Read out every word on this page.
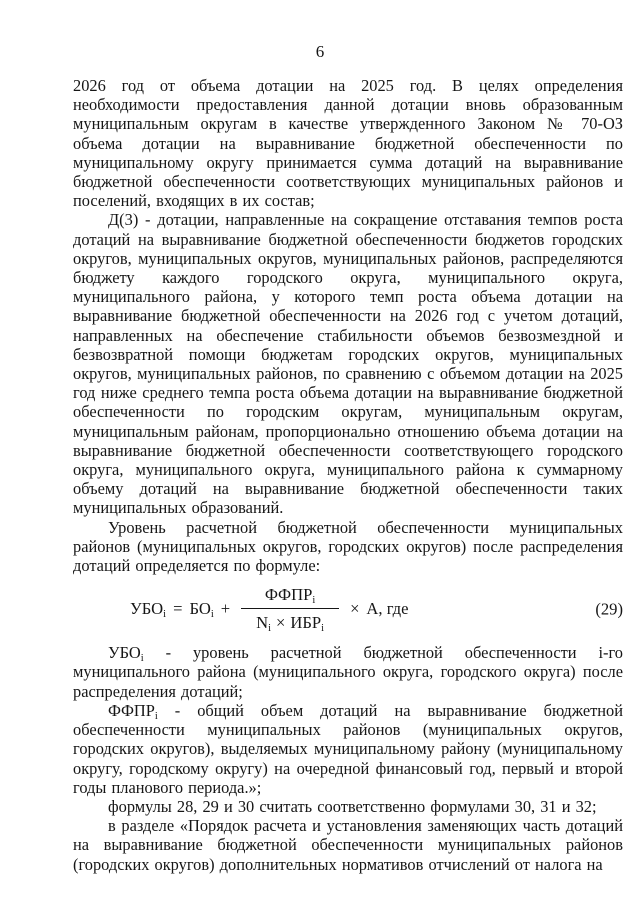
6

2026 год от объема дотации на 2025 год. В целях определения необходимости предоставления данной дотации вновь образованным муниципальным округам в качестве утвержденного Законом № 70-ОЗ объема дотации на выравнивание бюджетной обеспеченности по муниципальному округу принимается сумма дотаций на выравнивание бюджетной обеспеченности соответствующих муниципальных районов и поселений, входящих в их состав;

Д(3) - дотации, направленные на сокращение отставания темпов роста дотаций на выравнивание бюджетной обеспеченности бюджетов городских округов, муниципальных округов, муниципальных районов, распределяются бюджету каждого городского округа, муниципального округа, муниципального района, у которого темп роста объема дотации на выравнивание бюджетной обеспеченности на 2026 год с учетом дотаций, направленных на обеспечение стабильности объемов безвозмездной и безвозвратной помощи бюджетам городских округов, муниципальных округов, муниципальных районов, по сравнению с объемом дотации на 2025 год ниже среднего темпа роста объема дотации на выравнивание бюджетной обеспеченности по городским округам, муниципальным округам, муниципальным районам, пропорционально отношению объема дотации на выравнивание бюджетной обеспеченности соответствующего городского округа, муниципального округа, муниципального района к суммарному объему дотаций на выравнивание бюджетной обеспеченности таких муниципальных образований.

Уровень расчетной бюджетной обеспеченности муниципальных районов (муниципальных округов, городских округов) после распределения дотаций определяется по формуле:

$УБО_i = БО_i + \frac{ФФПР_i}{N_i \times ИБР_i} \times А$, где	(29)

$УБО_i$ - уровень расчетной бюджетной обеспеченности i-го муниципального района (муниципального округа, городского округа) после распределения дотаций;

$ФФПР_i$ - общий объем дотаций на выравнивание бюджетной обеспеченности муниципальных районов (муниципальных округов, городских округов), выделяемых муниципальному району (муниципальному округу, городскому округу) на очередной финансовый год, первый и второй годы планового периода.»;

формулы 28, 29 и 30 считать соответственно формулами 30, 31 и 32;

в разделе «Порядок расчета и установления заменяющих часть дотаций на выравнивание бюджетной обеспеченности муниципальных районов (городских округов) дополнительных нормативов отчислений от налога на
